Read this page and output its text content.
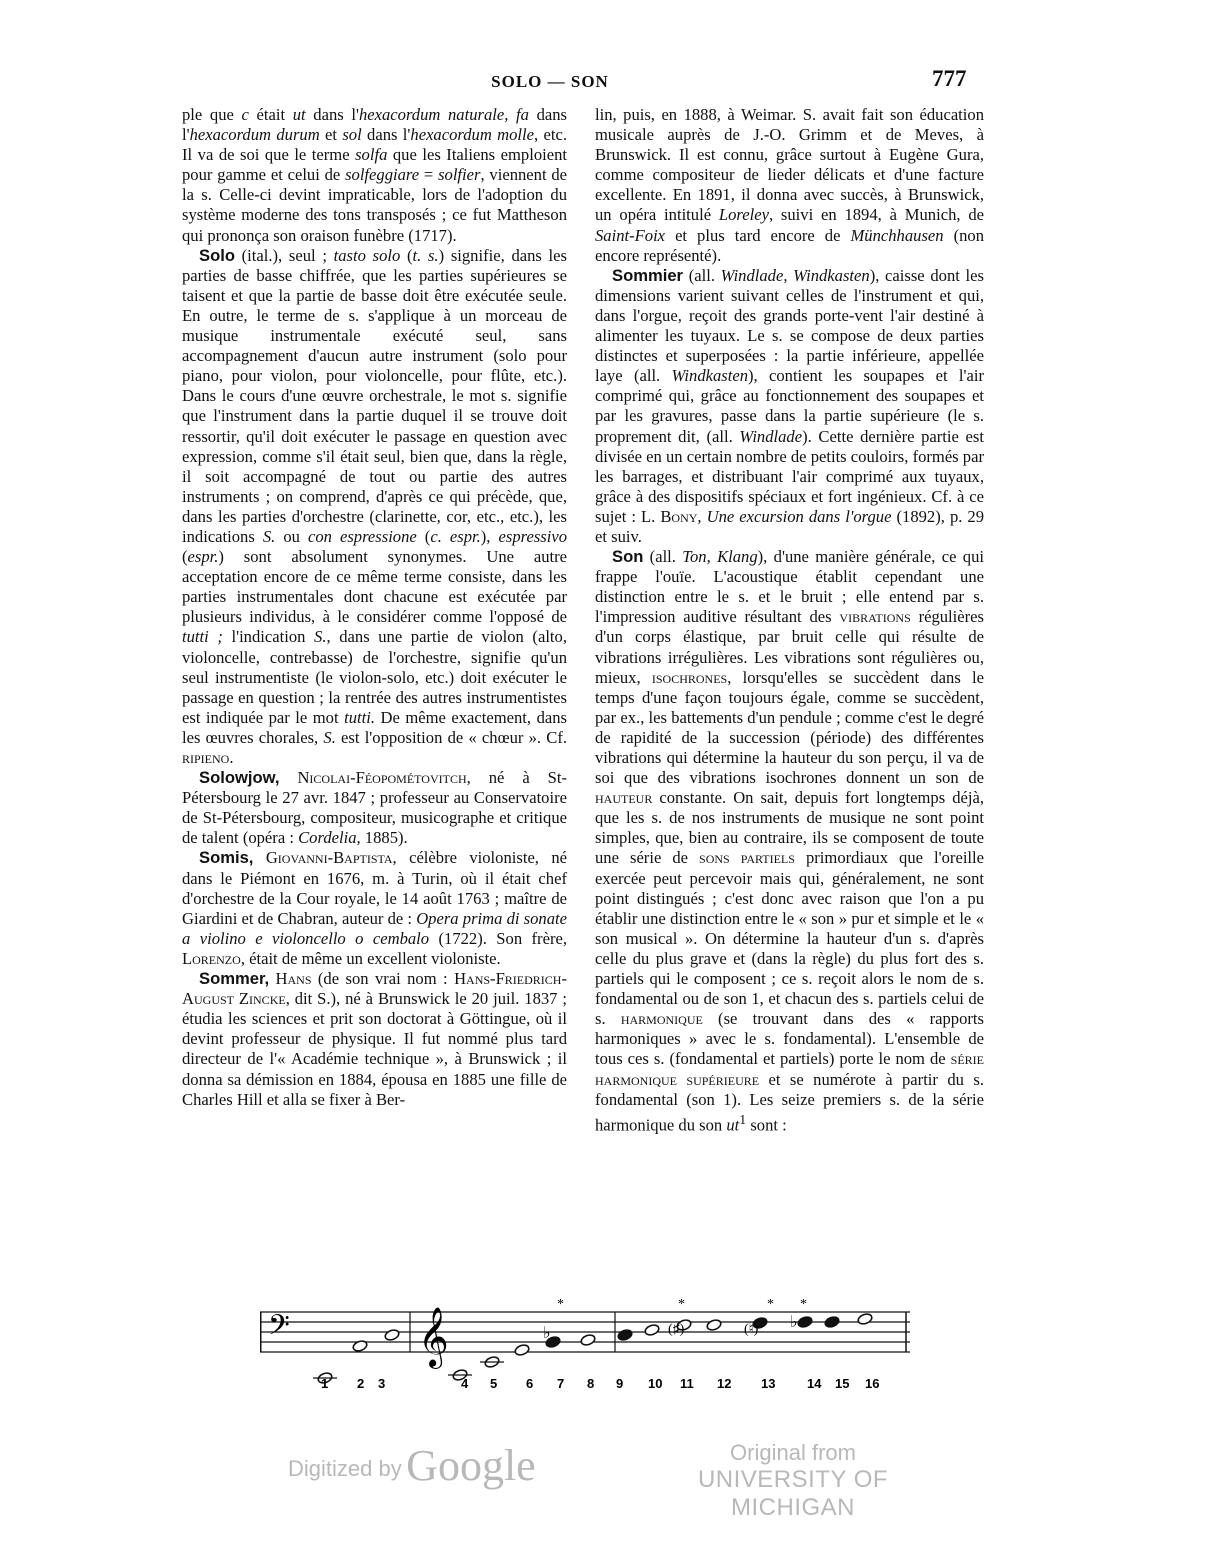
SOLO — SON	777

ple que c était ut dans l'hexacordum naturale, fa dans l'hexacordum durum et sol dans l'hexacordum molle, etc. Il va de soi que le terme solfa que les Italiens emploient pour gamme et celui de solfeggiare = solfier, viennent de la s. Celle-ci devint impraticable, lors de l'adoption du système moderne des tons transposés ; ce fut Mattheson qui prononça son oraison funèbre (1717).

Solo (ital.), seul ; tasto solo (t. s.) signifie, dans les parties de basse chiffrée, que les parties supérieures se taisent et que la partie de basse doit être exécutée seule. En outre, le terme de s. s'applique à un morceau de musique instrumentale exécuté seul, sans accompagnement d'aucun autre instrument (solo pour piano, pour violon, pour violoncelle, pour flûte, etc.). Dans le cours d'une œuvre orchestrale, le mot s. signifie que l'instrument dans la partie duquel il se trouve doit ressortir, qu'il doit exécuter le passage en question avec expression, comme s'il était seul, bien que, dans la règle, il soit accompagné de tout ou partie des autres instruments ; on comprend, d'après ce qui précède, que, dans les parties d'orchestre (clarinette, cor, etc., etc.), les indications S. ou con espressione (c. espr.), espressivo (espr.) sont absolument synonymes. Une autre acceptation encore de ce même terme consiste, dans les parties instrumentales dont chacune est exécutée par plusieurs individus, à le considérer comme l'opposé de tutti ; l'indication S., dans une partie de violon (alto, violoncelle, contrebasse) de l'orchestre, signifie qu'un seul instrumentiste (le violon-solo, etc.) doit exécuter le passage en question ; la rentrée des autres instrumentistes est indiquée par le mot tutti. De même exactement, dans les œuvres chorales, S. est l'opposition de « chœur ». Cf. ripieno.

Solowjow, Nicolai-Féopométovitch, né à St-Pétersbourg le 27 avr. 1847 ; professeur au Conservatoire de St-Pétersbourg, compositeur, musicographe et critique de talent (opéra : Cordelia, 1885).

Somis, Giovanni-Baptista, célèbre violoniste, né dans le Piémont en 1676, m. à Turin, où il était chef d'orchestre de la Cour royale, le 14 août 1763 ; maître de Giardini et de Chabran, auteur de : Opera prima di sonate a violino e violoncello o cembalo (1722). Son frère, Lorenzo, était de même un excellent violoniste.

Sommer, Hans (de son vrai nom : Hans-Friedrich-August Zincke, dit S.), né à Brunswick le 20 juil. 1837 ; étudia les sciences et prit son doctorat à Göttingue, où il devint professeur de physique. Il fut nommé plus tard directeur de l'« Académie technique », à Brunswick ; il donna sa démission en 1884, épousa en 1885 une fille de Charles Hill et alla se fixer à Ber-

lin, puis, en 1888, à Weimar. S. avait fait son éducation musicale auprès de J.-O. Grimm et de Meves, à Brunswick. Il est connu, grâce surtout à Eugène Gura, comme compositeur de lieder délicats et d'une facture excellente. En 1891, il donna avec succès, à Brunswick, un opéra intitulé Loreley, suivi en 1894, à Munich, de Saint-Foix et plus tard encore de Münchhausen (non encore représenté).

Sommier (all. Windlade, Windkasten), caisse dont les dimensions varient suivant celles de l'instrument et qui, dans l'orgue, reçoit des grands porte-vent l'air destiné à alimenter les tuyaux. Le s. se compose de deux parties distinctes et superposées : la partie inférieure, appellée laye (all. Windkasten), contient les soupapes et l'air comprimé qui, grâce au fonctionnement des soupapes et par les gravures, passe dans la partie supérieure (le s. proprement dit, (all. Windlade). Cette dernière partie est divisée en un certain nombre de petits couloirs, formés par les barrages, et distribuant l'air comprimé aux tuyaux, grâce à des dispositifs spéciaux et fort ingénieux. Cf. à ce sujet : L. Bony, Une excursion dans l'orgue (1892), p. 29 et suiv.

Son (all. Ton, Klang), d'une manière générale, ce qui frappe l'ouïe. L'acoustique établit cependant une distinction entre le s. et le bruit ; elle entend par s. l'impression auditive résultant des vibrations régulières d'un corps élastique, par bruit celle qui résulte de vibrations irrégulières. Les vibrations sont régulières ou, mieux, isochrones, lorsqu'elles se succèdent dans le temps d'une façon toujours égale, comme se succèdent, par ex., les battements d'un pendule ; comme c'est le degré de rapidité de la succession (période) des différentes vibrations qui détermine la hauteur du son perçu, il va de soi que des vibrations isochrones donnent un son de hauteur constante. On sait, depuis fort longtemps déjà, que les s. de nos instruments de musique ne sont point simples, que, bien au contraire, ils se composent de toute une série de sons partiels primordiaux que l'oreille exercée peut percevoir mais qui, généralement, ne sont point distingués ; c'est donc avec raison que l'on a pu établir une distinction entre le « son » pur et simple et le « son musical ». On détermine la hauteur d'un s. d'après celle du plus grave et (dans la règle) du plus fort des s. partiels qui le composent ; ce s. reçoit alors le nom de s. fondamental ou de son 1, et chacun des s. partiels celui de s. harmonique (se trouvant dans des « rapports harmoniques » avec le s. fondamental). L'ensemble de tous ces s. (fondamental et partiels) porte le nom de série harmonique supérieure et se numérote à partir du s. fondamental (son 1). Les seize premiers s. de la série harmonique du son $ut^1$ sont :

𝄢 𝄞
*	*	* *
(♯)	(♮)
♭
♭
1 2 3	4 5 6 7 8 9 10 11 12 13 14 15 16
Digitized by Google	Original from
UNIVERSITY OF MICHIGAN
